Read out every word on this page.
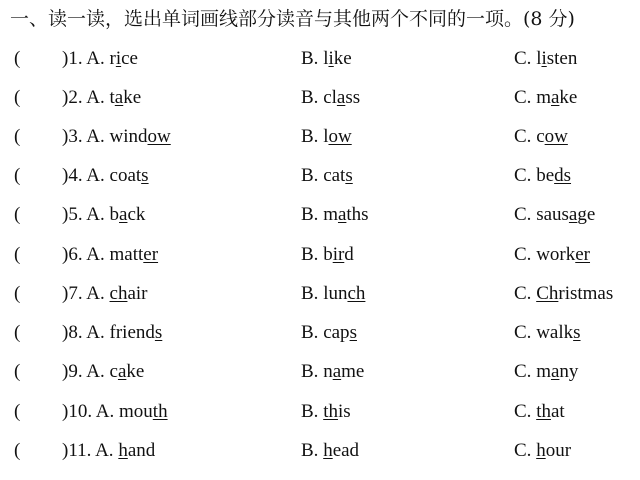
一、读一读，选出单词画线部分读音与其他两个不同的一项。(8 分)
( )1. A. rice	B. like	C. listen
( )2. A. take	B. class	C. make
( )3. A. window	B. low	C. cow
( )4. A. coats	B. cats	C. beds
( )5. A. back	B. maths	C. sausage
( )6. A. matter	B. bird	C. worker
( )7. A. chair	B. lunch	C. Christmas
( )8. A. friends	B. caps	C. walks
( )9. A. cake	B. name	C. many
( )10. A. mouth	B. this	C. that
( )11. A. hand	B. head	C. hour
